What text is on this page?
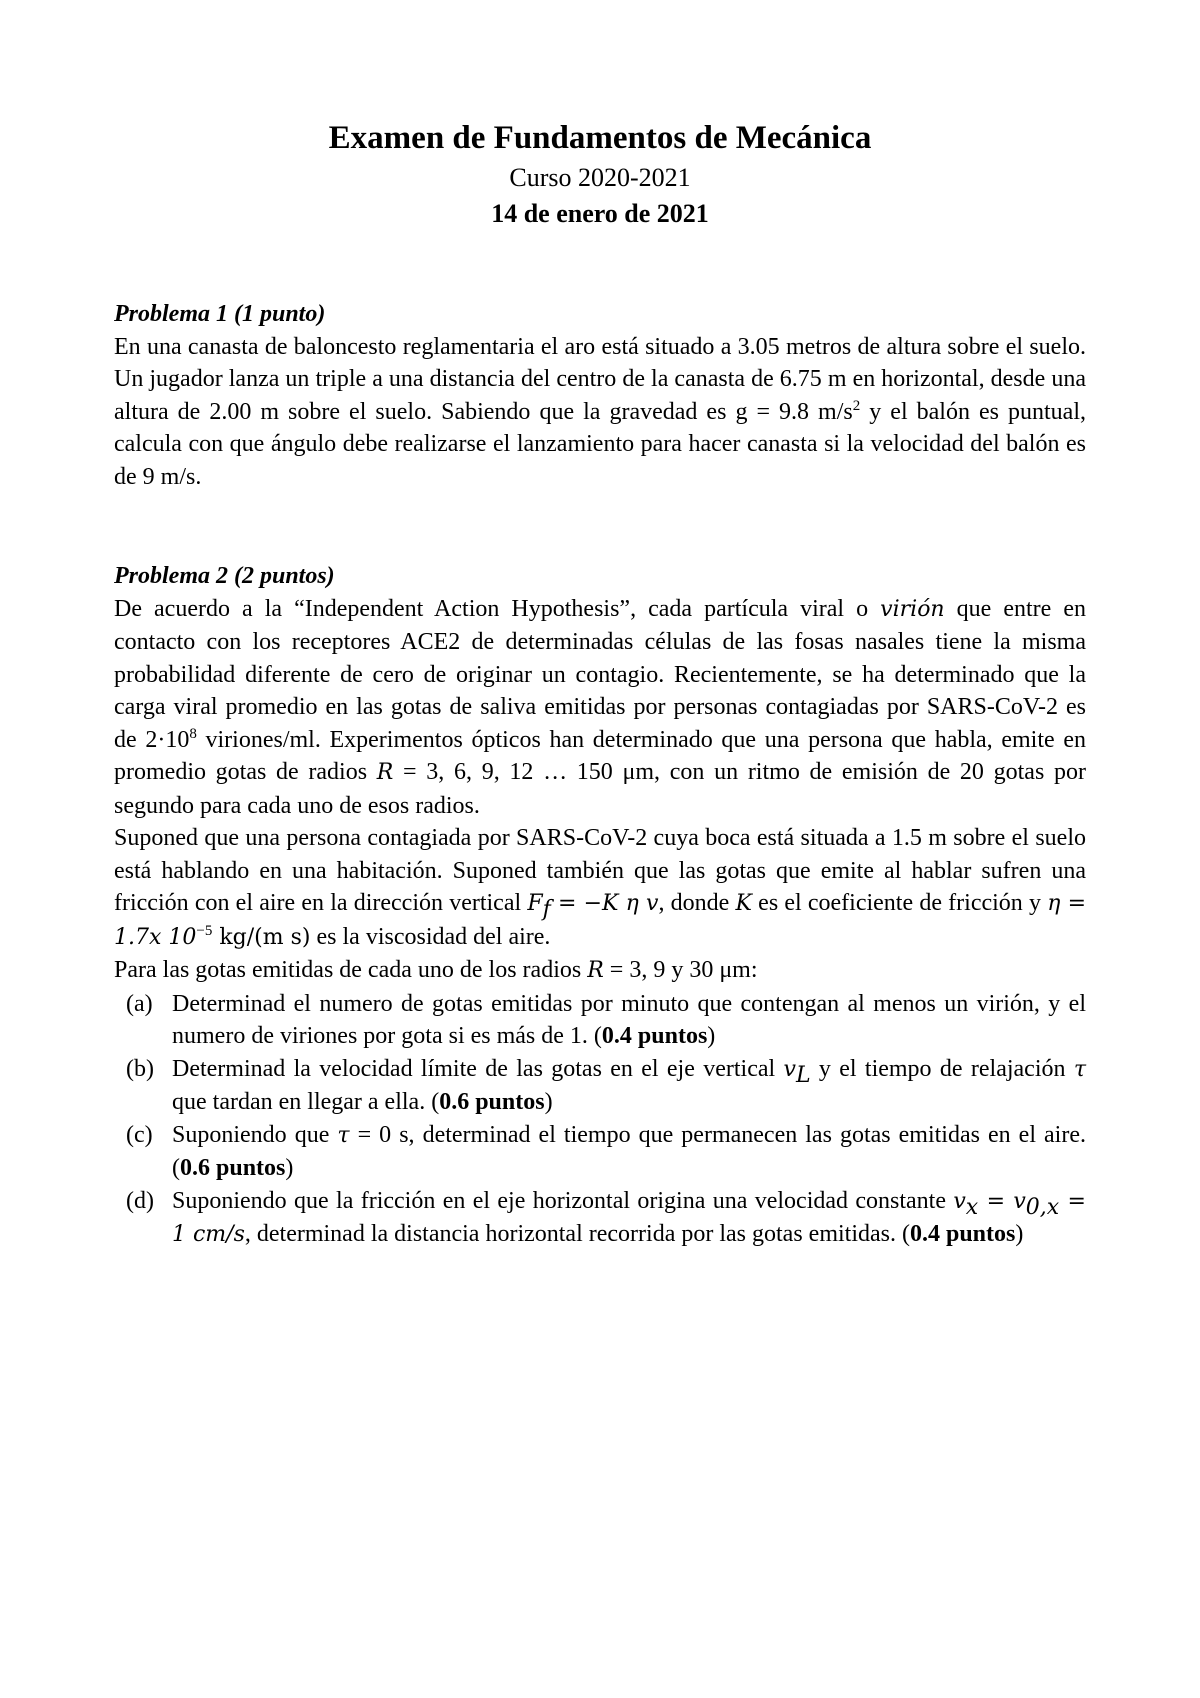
Examen de Fundamentos de Mecánica

Curso 2020-2021

14 de enero de 2021

Problema 1 (1 punto)

En una canasta de baloncesto reglamentaria el aro está situado a 3.05 metros de altura sobre el suelo. Un jugador lanza un triple a una distancia del centro de la canasta de 6.75 m en horizontal, desde una altura de 2.00 m sobre el suelo. Sabiendo que la gravedad es g = 9.8 $m/s^2$ y el balón es puntual, calcula con que ángulo debe realizarse el lanzamiento para hacer canasta si la velocidad del balón es de 9 m/s.

Problema 2 (2 puntos)

De acuerdo a la “Independent Action Hypothesis”, cada partícula viral o virión que entre en contacto con los receptores ACE2 de determinadas células de las fosas nasales tiene la misma probabilidad diferente de cero de originar un contagio. Recientemente, se ha determinado que la carga viral promedio en las gotas de saliva emitidas por personas contagiadas por SARS-CoV-2 es de $2\cdot 10^8$ viriones/ml. Experimentos ópticos han determinado que una persona que habla, emite en promedio gotas de radios R = 3, 6, 9, 12 … 150 μm, con un ritmo de emisión de 20 gotas por segundo para cada uno de esos radios.

Suponed que una persona contagiada por SARS-CoV-2 cuya boca está situada a 1.5 m sobre el suelo está hablando en una habitación. Suponed también que las gotas que emite al hablar sufren una fricción con el aire en la dirección vertical $F_f = -K$ η v, donde K es el coeficiente de fricción y η = 1.7x $10^{-5}$ kg/(m s) es la viscosidad del aire.

Para las gotas emitidas de cada uno de los radios R = 3, 9 y 30 μm:

(a) Determinad el numero de gotas emitidas por minuto que contengan al menos un virión, y el numero de viriones por gota si es más de 1. (0.4 puntos)
(b) Determinad la velocidad límite de las gotas en el eje vertical $v_L$ y el tiempo de relajación τ que tardan en llegar a ella. (0.6 puntos)
(c) Suponiendo que τ = 0 s, determinad el tiempo que permanecen las gotas emitidas en el aire. (0.6 puntos)
(d) Suponiendo que la fricción en el eje horizontal origina una velocidad constante $v_x = v_{0,x} = 1$ cm/s, determinad la distancia horizontal recorrida por las gotas emitidas. (0.4 puntos)
